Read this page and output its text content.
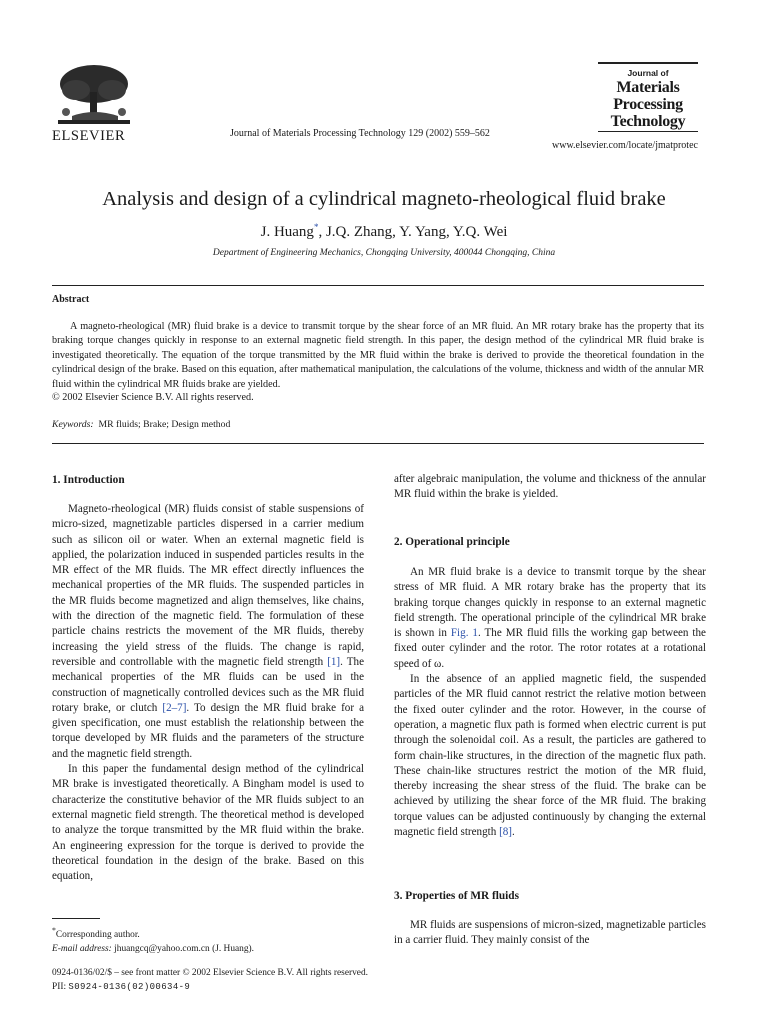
ELSEVIER	Journal of Materials Processing Technology 129 (2002) 559–562
Journal of
Materials
Processing
Technology
www.elsevier.com/locate/jmatprotec
Analysis and design of a cylindrical magneto-rheological fluid brake
J. Huang*, J.Q. Zhang, Y. Yang, Y.Q. Wei
Department of Engineering Mechanics, Chongqing University, 400044 Chongqing, China
Abstract

A magneto-rheological (MR) fluid brake is a device to transmit torque by the shear force of an MR fluid. An MR rotary brake has the property that its braking torque changes quickly in response to an external magnetic field strength. In this paper, the design method of the cylindrical MR fluid brake is investigated theoretically. The equation of the torque transmitted by the MR fluid within the brake is derived to provide the theoretical foundation in the cylindrical design of the brake. Based on this equation, after mathematical manipulation, the calculations of the volume, thickness and width of the annular MR fluid within the cylindrical MR fluids brake are yielded.

© 2002 Elsevier Science B.V. All rights reserved.
Keywords: MR fluids; Brake; Design method
1. Introduction

Magneto-rheological (MR) fluids consist of stable suspensions of micro-sized, magnetizable particles dispersed in a carrier medium such as silicon oil or water. When an external magnetic field is applied, the polarization induced in suspended particles results in the MR effect of the MR fluids. The MR effect directly influences the mechanical properties of the MR fluids. The suspended particles in the MR fluids become magnetized and align themselves, like chains, with the direction of the magnetic field. The formulation of these particle chains restricts the movement of the MR fluids, thereby increasing the yield stress of the fluids. The change is rapid, reversible and controllable with the magnetic field strength [1]. The mechanical properties of the MR fluids can be used in the construction of magnetically controlled devices such as the MR fluid rotary brake, or clutch [2–7]. To design the MR fluid brake for a given specification, one must establish the relationship between the torque developed by MR fluids and the parameters of the structure and the magnetic field strength.

In this paper the fundamental design method of the cylindrical MR brake is investigated theoretically. A Bingham model is used to characterize the constitutive behavior of the MR fluids subject to an external magnetic field strength. The theoretical method is developed to analyze the torque transmitted by the MR fluid within the brake. An engineering expression for the torque is derived to provide the theoretical foundation in the design of the brake. Based on this equation,

after algebraic manipulation, the volume and thickness of the annular MR fluid within the brake is yielded.

2. Operational principle

An MR fluid brake is a device to transmit torque by the shear stress of MR fluid. A MR rotary brake has the property that its braking torque changes quickly in response to an external magnetic field strength. The operational principle of the cylindrical MR brake is shown in Fig. 1. The MR fluid fills the working gap between the fixed outer cylinder and the rotor. The rotor rotates at a rotational speed of ω.

In the absence of an applied magnetic field, the suspended particles of the MR fluid cannot restrict the relative motion between the fixed outer cylinder and the rotor. However, in the course of operation, a magnetic flux path is formed when electric current is put through the solenoidal coil. As a result, the particles are gathered to form chain-like structures, in the direction of the magnetic flux path. These chain-like structures restrict the motion of the MR fluid, thereby increasing the shear stress of the fluid. The brake can be achieved by utilizing the shear force of the MR fluid. The braking torque values can be adjusted continuously by changing the external magnetic field strength [8].

3. Properties of MR fluids

MR fluids are suspensions of micron-sized, magnetizable particles in a carrier fluid. They mainly consist of the

*Corresponding author.
E-mail address: jhuangcq@yahoo.com.cn (J. Huang).
0924-0136/02/$ – see front matter © 2002 Elsevier Science B.V. All rights reserved.
PII: S0924-0136(02)00634-9
